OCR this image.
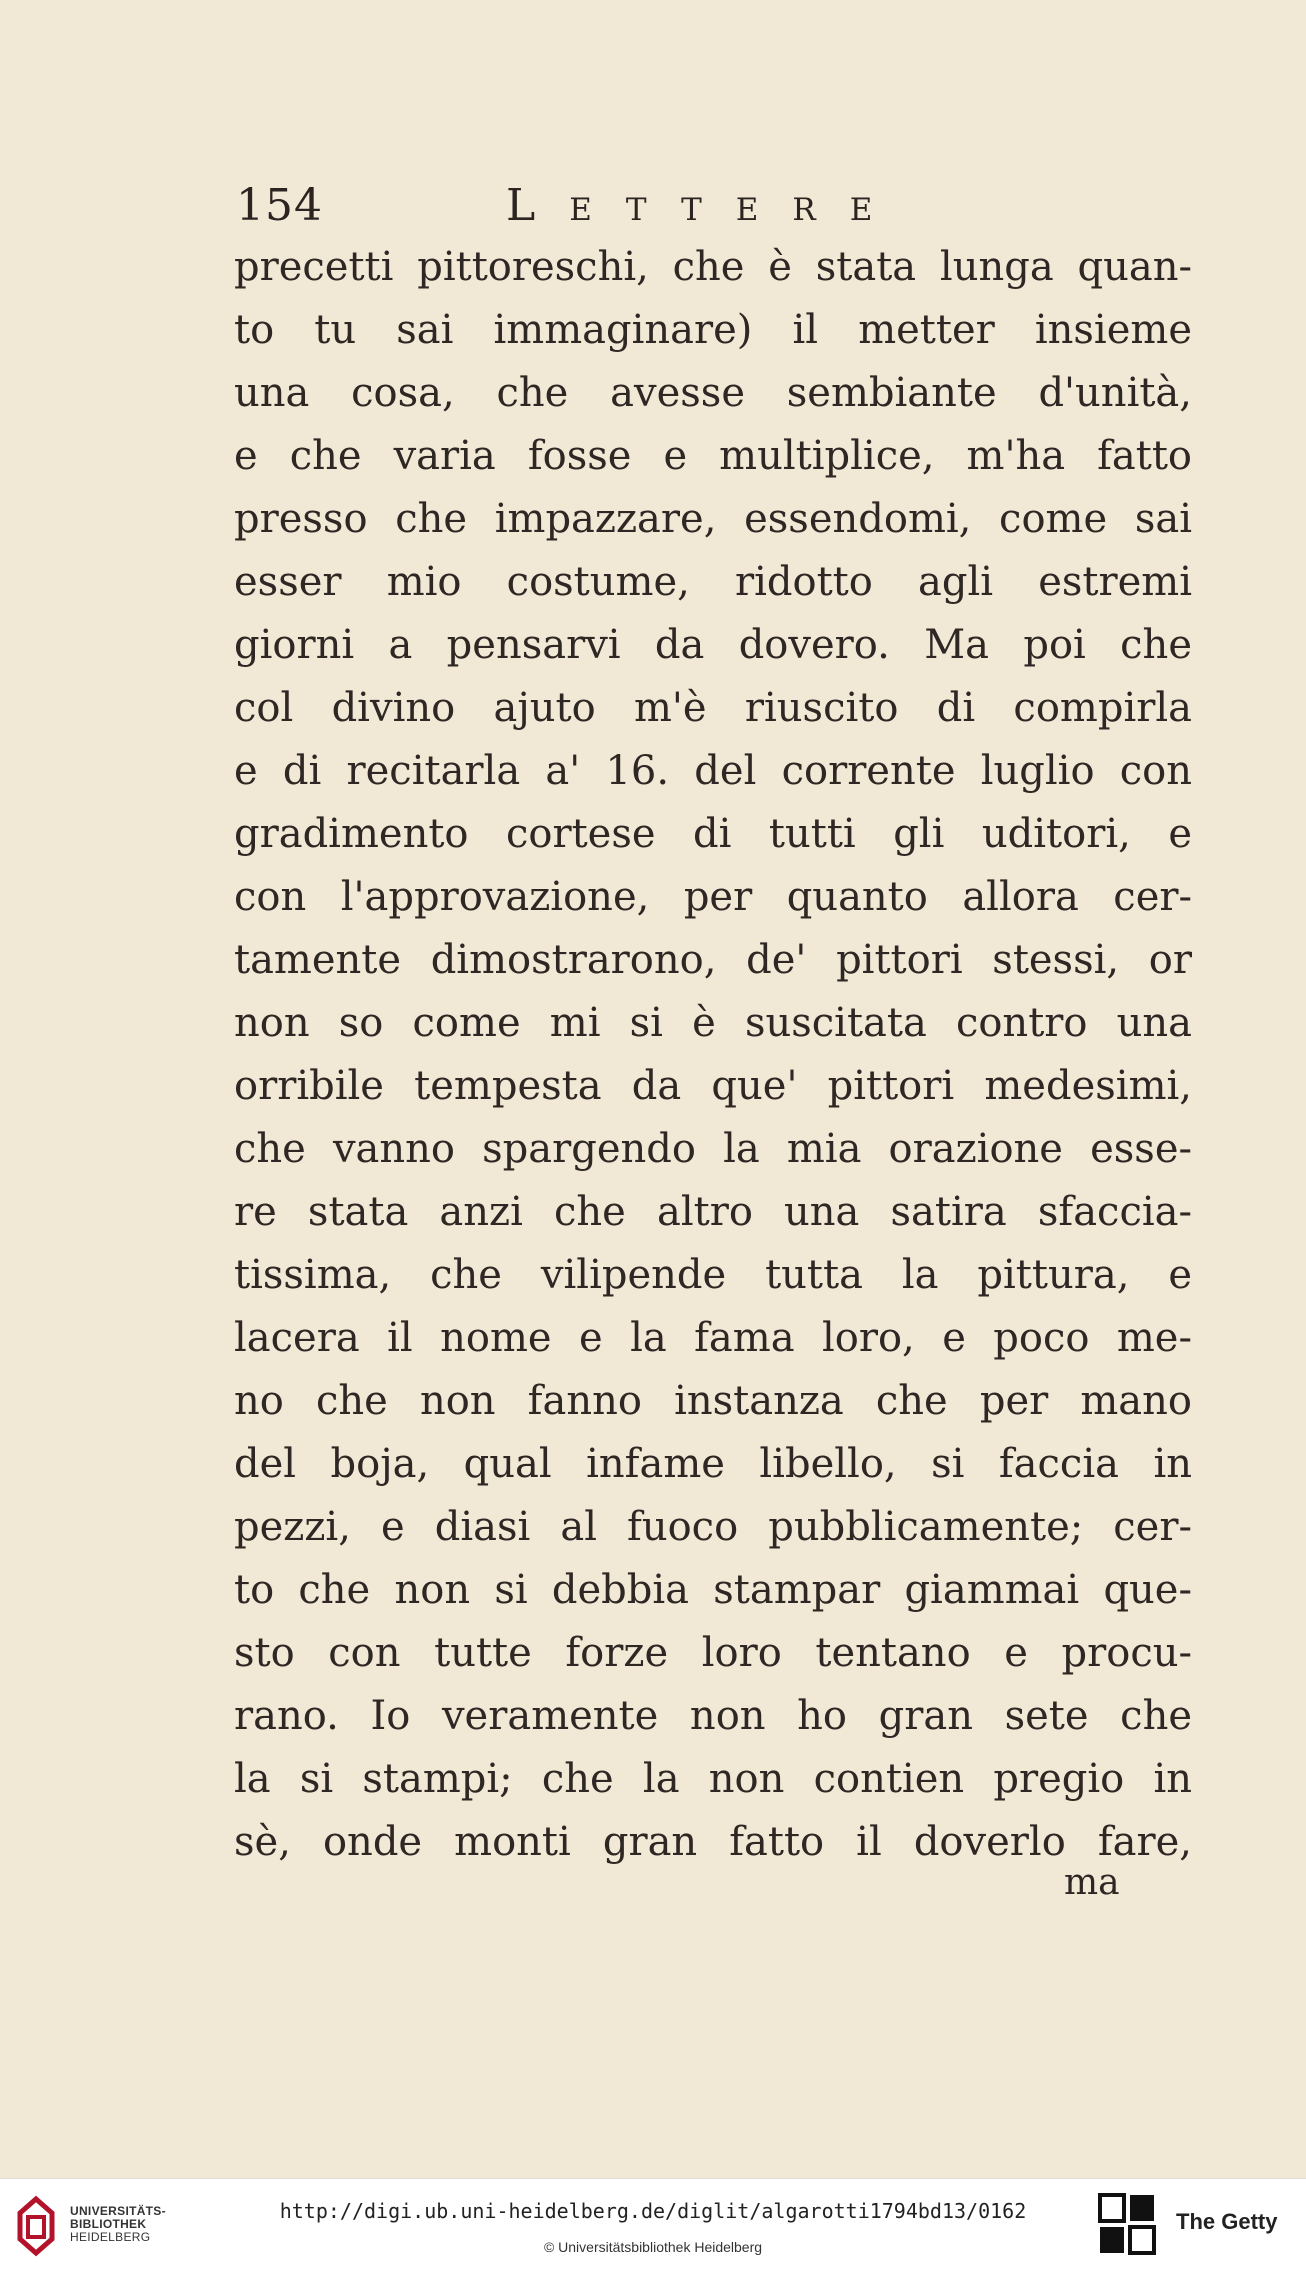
154	Lettere
precetti pittoreschi, che è stata lunga quan-
to tu sai immaginare) il metter insieme
una cosa, che avesse sembiante d'unità,
e che varia fosse e multiplice, m'ha fatto
presso che impazzare, essendomi, come sai
esser mio costume, ridotto agli estremi
giorni a pensarvi da dovero. Ma poi che
col divino ajuto m'è riuscito di compirla
e di recitarla a' 16. del corrente luglio con
gradimento cortese di tutti gli uditori, e
con l'approvazione, per quanto allora cer-
tamente dimostrarono, de' pittori stessi, or
non so come mi si è suscitata contro una
orribile tempesta da que' pittori medesimi,
che vanno spargendo la mia orazione esse-
re stata anzi che altro una satira sfaccia-
tissima, che vilipende tutta la pittura, e
lacera il nome e la fama loro, e poco me-
no che non fanno instanza che per mano
del boja, qual infame libello, si faccia in
pezzi, e diasi al fuoco pubblicamente; cer-
to che non si debbia stampar giammai que-
sto con tutte forze loro tentano e procu-
rano. Io veramente non ho gran sete che
la si stampi; che la non contien pregio in
sè, onde monti gran fatto il doverlo fare,
ma
UNIVERSITÄTS-
BIBLIOTHEK
HEIDELBERG
http://digi.ub.uni-heidelberg.de/diglit/algarotti1794bd13/0162
© Universitätsbibliothek Heidelberg
The Getty
